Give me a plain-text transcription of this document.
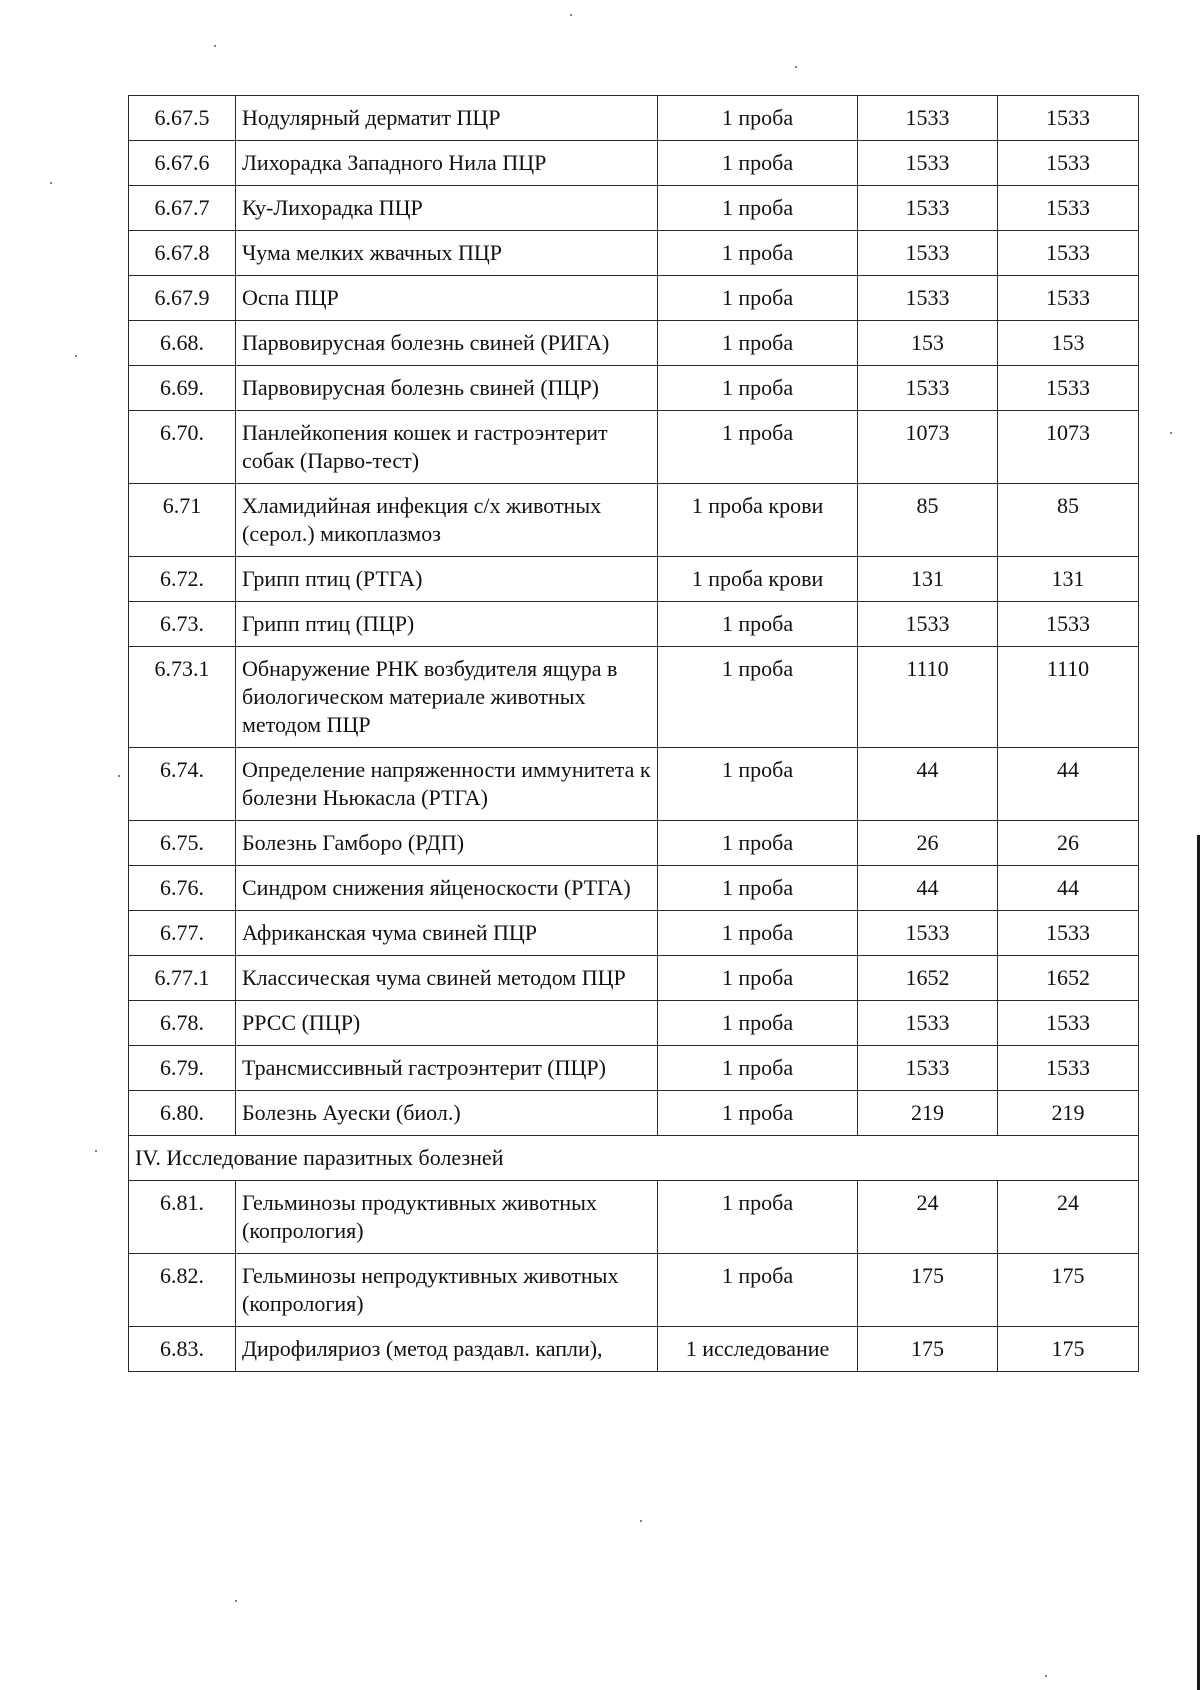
6.67.5	Нодулярный дерматит ПЦР	1 проба	1533	1533
6.67.6	Лихорадка Западного Нила ПЦР	1 проба	1533	1533
6.67.7	Ку-Лихорадка ПЦР	1 проба	1533	1533
6.67.8	Чума мелких жвачных ПЦР	1 проба	1533	1533
6.67.9	Оспа ПЦР	1 проба	1533	1533
6.68.	Парвовирусная болезнь свиней (РИГА)	1 проба	153	153
6.69.	Парвовирусная болезнь свиней (ПЦР)	1 проба	1533	1533
6.70.	Панлейкопения кошек и гастроэнтерит собак (Парво-тест)	1 проба	1073	1073
6.71	Хламидийная инфекция с/х животных (серол.) микоплазмоз	1 проба крови	85	85
6.72.	Грипп птиц (РТГА)	1 проба крови	131	131
6.73.	Грипп птиц (ПЦР)	1 проба	1533	1533
6.73.1	Обнаружение РНК возбудителя ящура в биологическом материале животных методом ПЦР	1 проба	1110	1110
6.74.	Определение напряженности иммунитета к болезни Ньюкасла (РТГА)	1 проба	44	44
6.75.	Болезнь Гамборо (РДП)	1 проба	26	26
6.76.	Синдром снижения яйценоскости (РТГА)	1 проба	44	44
6.77.	Африканская чума свиней ПЦР	1 проба	1533	1533
6.77.1	Классическая чума свиней методом ПЦР	1 проба	1652	1652
6.78.	РРСС (ПЦР)	1 проба	1533	1533
6.79.	Трансмиссивный гастроэнтерит (ПЦР)	1 проба	1533	1533
6.80.	Болезнь Ауески (биол.)	1 проба	219	219
IV. Исследование паразитных болезней				
6.81.	Гельминозы продуктивных животных (копрология)	1 проба	24	24
6.82.	Гельминозы непродуктивных животных (копрология)	1 проба	175	175
6.83.	Дирофиляриоз (метод раздавл. капли),	1 исследование	175	175
